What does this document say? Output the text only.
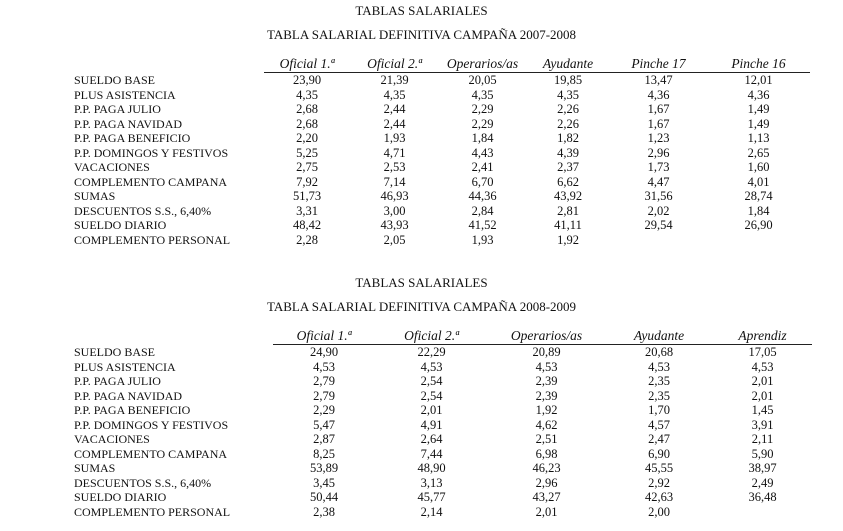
TABLAS SALARIALES
TABLA SALARIAL DEFINITIVA CAMPAÑA 2007-2008
	Oficial 1.ª	Oficial 2.ª	Operarios/as	Ayudante	Pinche 17	Pinche 16
SUELDO BASE	23,90	21,39	20,05	19,85	13,47	12,01
PLUS ASISTENCIA	4,35	4,35	4,35	4,35	4,36	4,36
P.P. PAGA JULIO	2,68	2,44	2,29	2,26	1,67	1,49
P.P. PAGA NAVIDAD	2,68	2,44	2,29	2,26	1,67	1,49
P.P. PAGA BENEFICIO	2,20	1,93	1,84	1,82	1,23	1,13
P.P. DOMINGOS Y FESTIVOS	5,25	4,71	4,43	4,39	2,96	2,65
VACACIONES	2,75	2,53	2,41	2,37	1,73	1,60
COMPLEMENTO CAMPANA	7,92	7,14	6,70	6,62	4,47	4,01
SUMAS	51,73	46,93	44,36	43,92	31,56	28,74
DESCUENTOS S.S., 6,40%	3,31	3,00	2,84	2,81	2,02	1,84
SUELDO DIARIO	48,42	43,93	41,52	41,11	29,54	26,90
COMPLEMENTO PERSONAL	2,28	2,05	1,93	1,92		
TABLAS SALARIALES
TABLA SALARIAL DEFINITIVA CAMPAÑA 2008-2009
	Oficial 1.ª	Oficial 2.ª	Operarios/as	Ayudante	Aprendiz
SUELDO BASE	24,90	22,29	20,89	20,68	17,05
PLUS ASISTENCIA	4,53	4,53	4,53	4,53	4,53
P.P. PAGA JULIO	2,79	2,54	2,39	2,35	2,01
P.P. PAGA NAVIDAD	2,79	2,54	2,39	2,35	2,01
P.P. PAGA BENEFICIO	2,29	2,01	1,92	1,70	1,45
P.P. DOMINGOS Y FESTIVOS	5,47	4,91	4,62	4,57	3,91
VACACIONES	2,87	2,64	2,51	2,47	2,11
COMPLEMENTO CAMPANA	8,25	7,44	6,98	6,90	5,90
SUMAS	53,89	48,90	46,23	45,55	38,97
DESCUENTOS S.S., 6,40%	3,45	3,13	2,96	2,92	2,49
SUELDO DIARIO	50,44	45,77	43,27	42,63	36,48
COMPLEMENTO PERSONAL	2,38	2,14	2,01	2,00	
